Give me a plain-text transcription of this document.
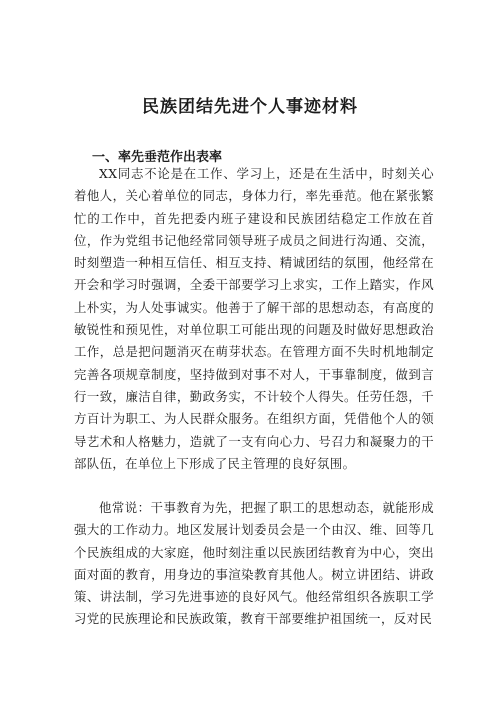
民族团结先进个人事迹材料
一、率先垂范作出表率

XX同志不论是在工作、学习上，还是在生活中，时刻关心着他人，关心着单位的同志，身体力行，率先垂范。他在紧张繁忙的工作中，首先把委内班子建设和民族团结稳定工作放在首位，作为党组书记他经常同领导班子成员之间进行沟通、交流，时刻塑造一种相互信任、相互支持、精诚团结的氛围，他经常在开会和学习时强调，全委干部要学习上求实，工作上踏实，作风上朴实，为人处事诚实。他善于了解干部的思想动态，有高度的敏锐性和预见性，对单位职工可能出现的问题及时做好思想政治工作，总是把问题消灭在萌芽状态。在管理方面不失时机地制定完善各项规章制度，坚持做到对事不对人，干事靠制度，做到言行一致，廉洁自律，勤政务实，不计较个人得失。任劳任怨，千方百计为职工、为人民群众服务。在组织方面，凭借他个人的领导艺术和人格魅力，造就了一支有向心力、号召力和凝聚力的干部队伍，在单位上下形成了民主管理的良好氛围。

他常说：干事教育为先，把握了职工的思想动态，就能形成强大的工作动力。地区发展计划委员会是一个由汉、维、回等几个民族组成的大家庭，他时刻注重以民族团结教育为中心，突出面对面的教育，用身边的事渲染教育其他人。树立讲团结、讲政策、讲法制，学习先进事迹的良好风气。他经常组织各族职工学习党的民族理论和民族政策，教育干部要维护祖国统一，反对民
